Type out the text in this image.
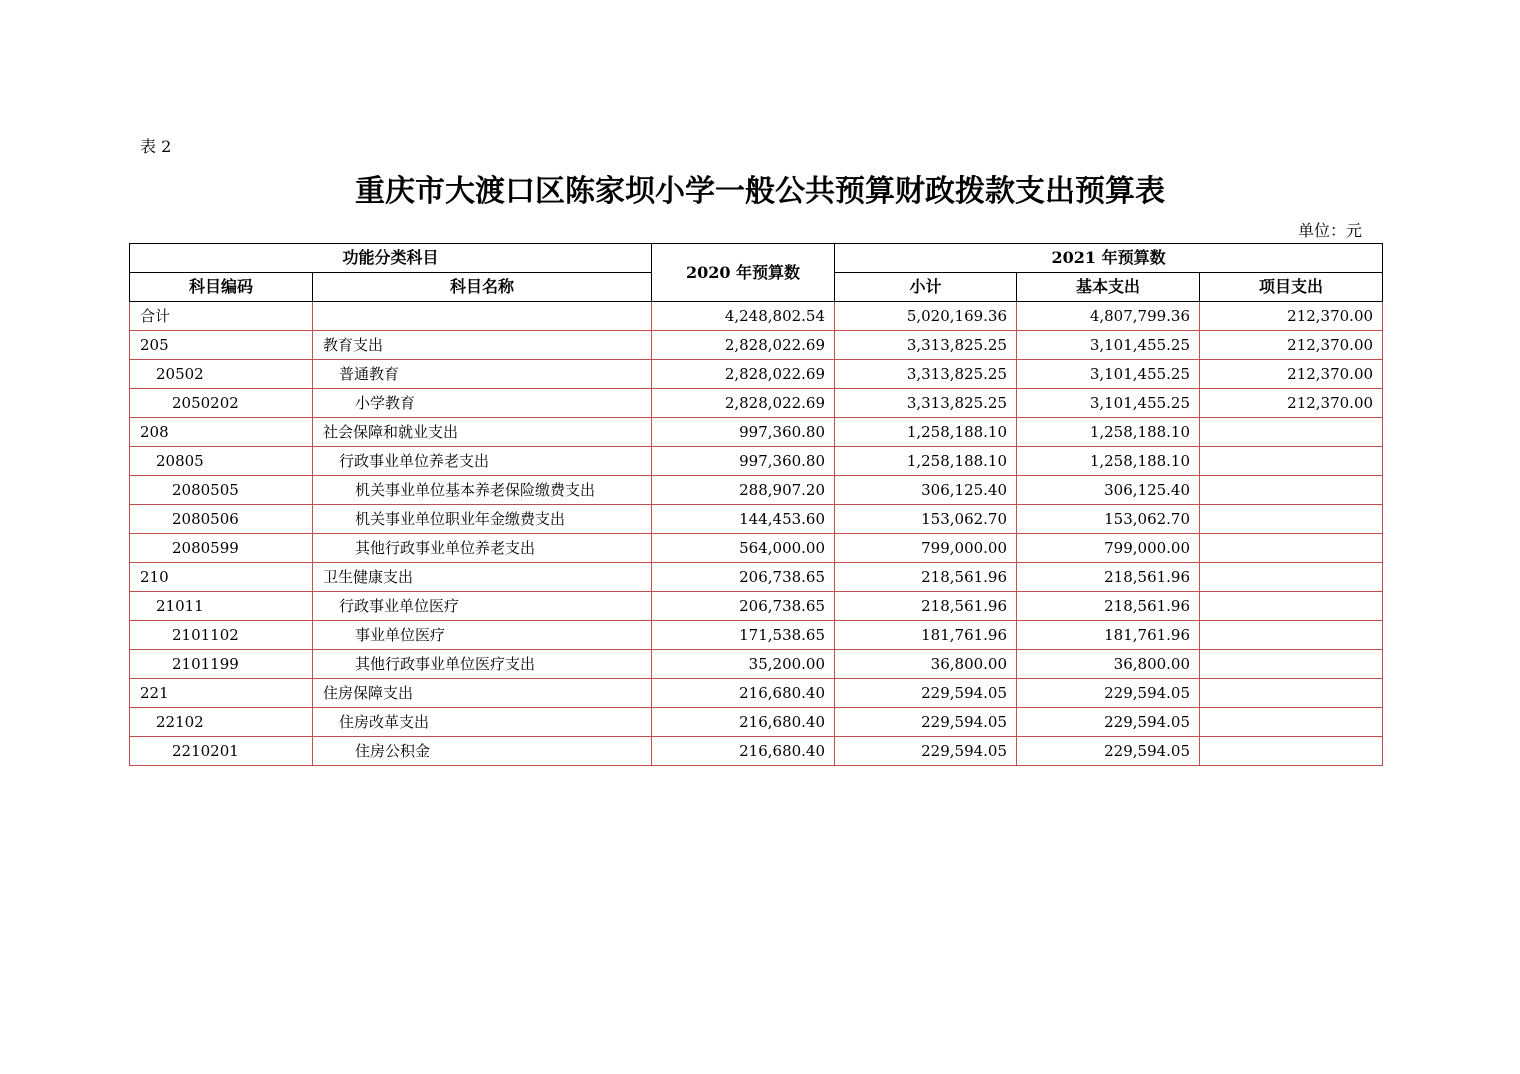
表 2
重庆市大渡口区陈家坝小学一般公共预算财政拨款支出预算表
单位：元
功能分类科目		2020 年预算数	2021 年预算数		
科目编码	科目名称		小计	基本支出	项目支出
合计		4,248,802.54	5,020,169.36	4,807,799.36	212,370.00
205	教育支出	2,828,022.69	3,313,825.25	3,101,455.25	212,370.00
20502	普通教育	2,828,022.69	3,313,825.25	3,101,455.25	212,370.00
2050202	小学教育	2,828,022.69	3,313,825.25	3,101,455.25	212,370.00
208	社会保障和就业支出	997,360.80	1,258,188.10	1,258,188.10	
20805	行政事业单位养老支出	997,360.80	1,258,188.10	1,258,188.10	
2080505	机关事业单位基本养老保险缴费支出	288,907.20	306,125.40	306,125.40	
2080506	机关事业单位职业年金缴费支出	144,453.60	153,062.70	153,062.70	
2080599	其他行政事业单位养老支出	564,000.00	799,000.00	799,000.00	
210	卫生健康支出	206,738.65	218,561.96	218,561.96	
21011	行政事业单位医疗	206,738.65	218,561.96	218,561.96	
2101102	事业单位医疗	171,538.65	181,761.96	181,761.96	
2101199	其他行政事业单位医疗支出	35,200.00	36,800.00	36,800.00	
221	住房保障支出	216,680.40	229,594.05	229,594.05	
22102	住房改革支出	216,680.40	229,594.05	229,594.05	
2210201	住房公积金	216,680.40	229,594.05	229,594.05	
